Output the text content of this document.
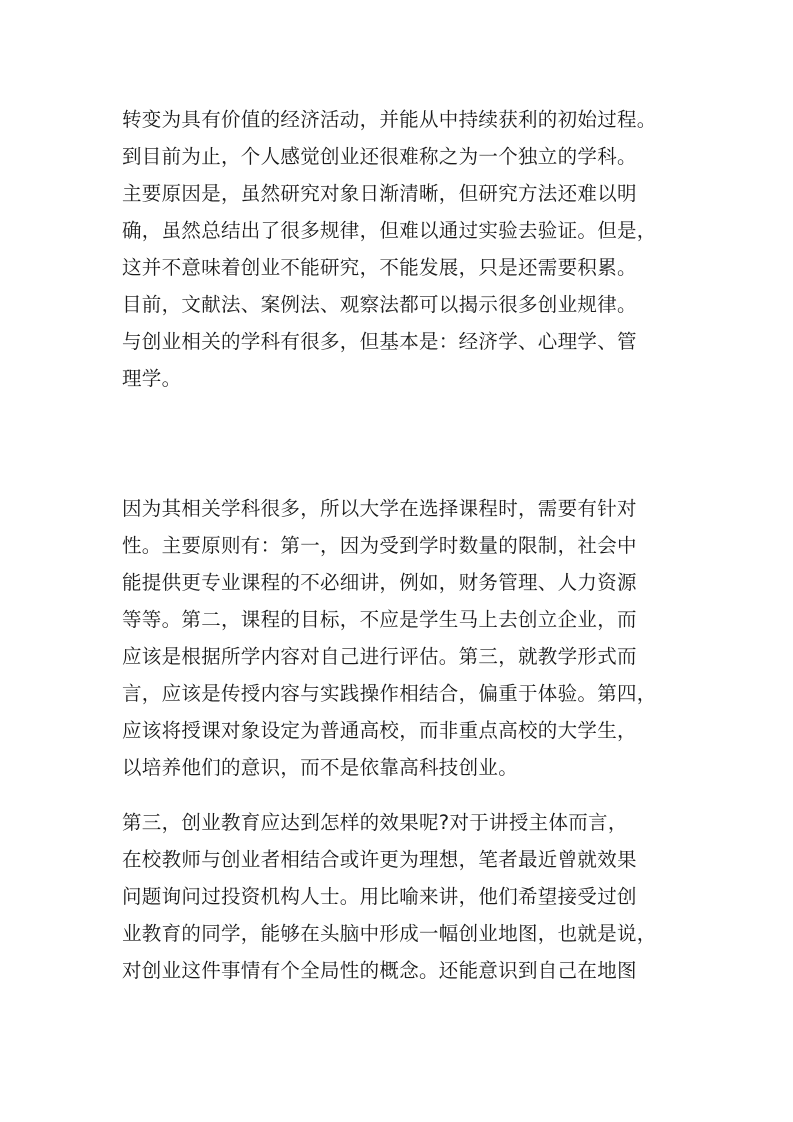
转变为具有价值的经济活动，并能从中持续获利的初始过程。
到目前为止，个人感觉创业还很难称之为一个独立的学科。
主要原因是，虽然研究对象日渐清晰，但研究方法还难以明
确，虽然总结出了很多规律，但难以通过实验去验证。但是，
这并不意味着创业不能研究，不能发展，只是还需要积累。
目前，文献法、案例法、观察法都可以揭示很多创业规律。
与创业相关的学科有很多，但基本是：经济学、心理学、管
理学。
因为其相关学科很多，所以大学在选择课程时，需要有针对
性。主要原则有：第一，因为受到学时数量的限制，社会中
能提供更专业课程的不必细讲，例如，财务管理、人力资源
等等。第二，课程的目标，不应是学生马上去创立企业，而
应该是根据所学内容对自己进行评估。第三，就教学形式而
言，应该是传授内容与实践操作相结合，偏重于体验。第四，
应该将授课对象设定为普通高校，而非重点高校的大学生，
以培养他们的意识，而不是依靠高科技创业。
第三，创业教育应达到怎样的效果呢?对于讲授主体而言，
在校教师与创业者相结合或许更为理想，笔者最近曾就效果
问题询问过投资机构人士。用比喻来讲，他们希望接受过创
业教育的同学，能够在头脑中形成一幅创业地图，也就是说，
对创业这件事情有个全局性的概念。还能意识到自己在地图
